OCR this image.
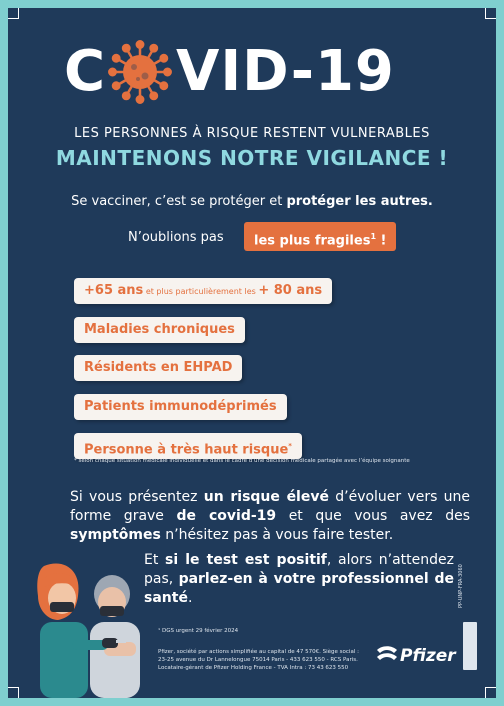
C VID-19
LES PERSONNES À RISQUE RESTENT VULNERABLES
MAINTENONS NOTRE VIGILANCE !
Se vacciner, c’est se protéger et protéger les autres.
N’oublions pas	les plus fragiles$^1$ !
+65 ans et plus particulièrement les + 80 ans
Maladies chroniques
Résidents en EHPAD
Patients immunodéprimés
Personne à très haut risque*
* selon chaque situation médicale individuelle et dans le cadre d’une décision médicale partagée avec l’équipe soignante
Si vous présentez un risque élevé d’évoluer vers une forme grave de covid-19 et que vous avez des symptômes n’hésitez pas à vous faire tester.
Et si le test est positif, alors n’attendez pas, parlez-en à votre professionnel de santé.
¹ DGS urgent 29 février 2024
Pfizer, société par actions simplifiée au capital de 47 570€. Siège social :
23-25 avenue du Dr Lannelongue 75014 Paris - 433 623 550 - RCS Paris.
Locataire-gérant de Pfizer Holding France - TVA Intra : 73 43 623 550
Pfizer
PP-UNP-FRA-3060
